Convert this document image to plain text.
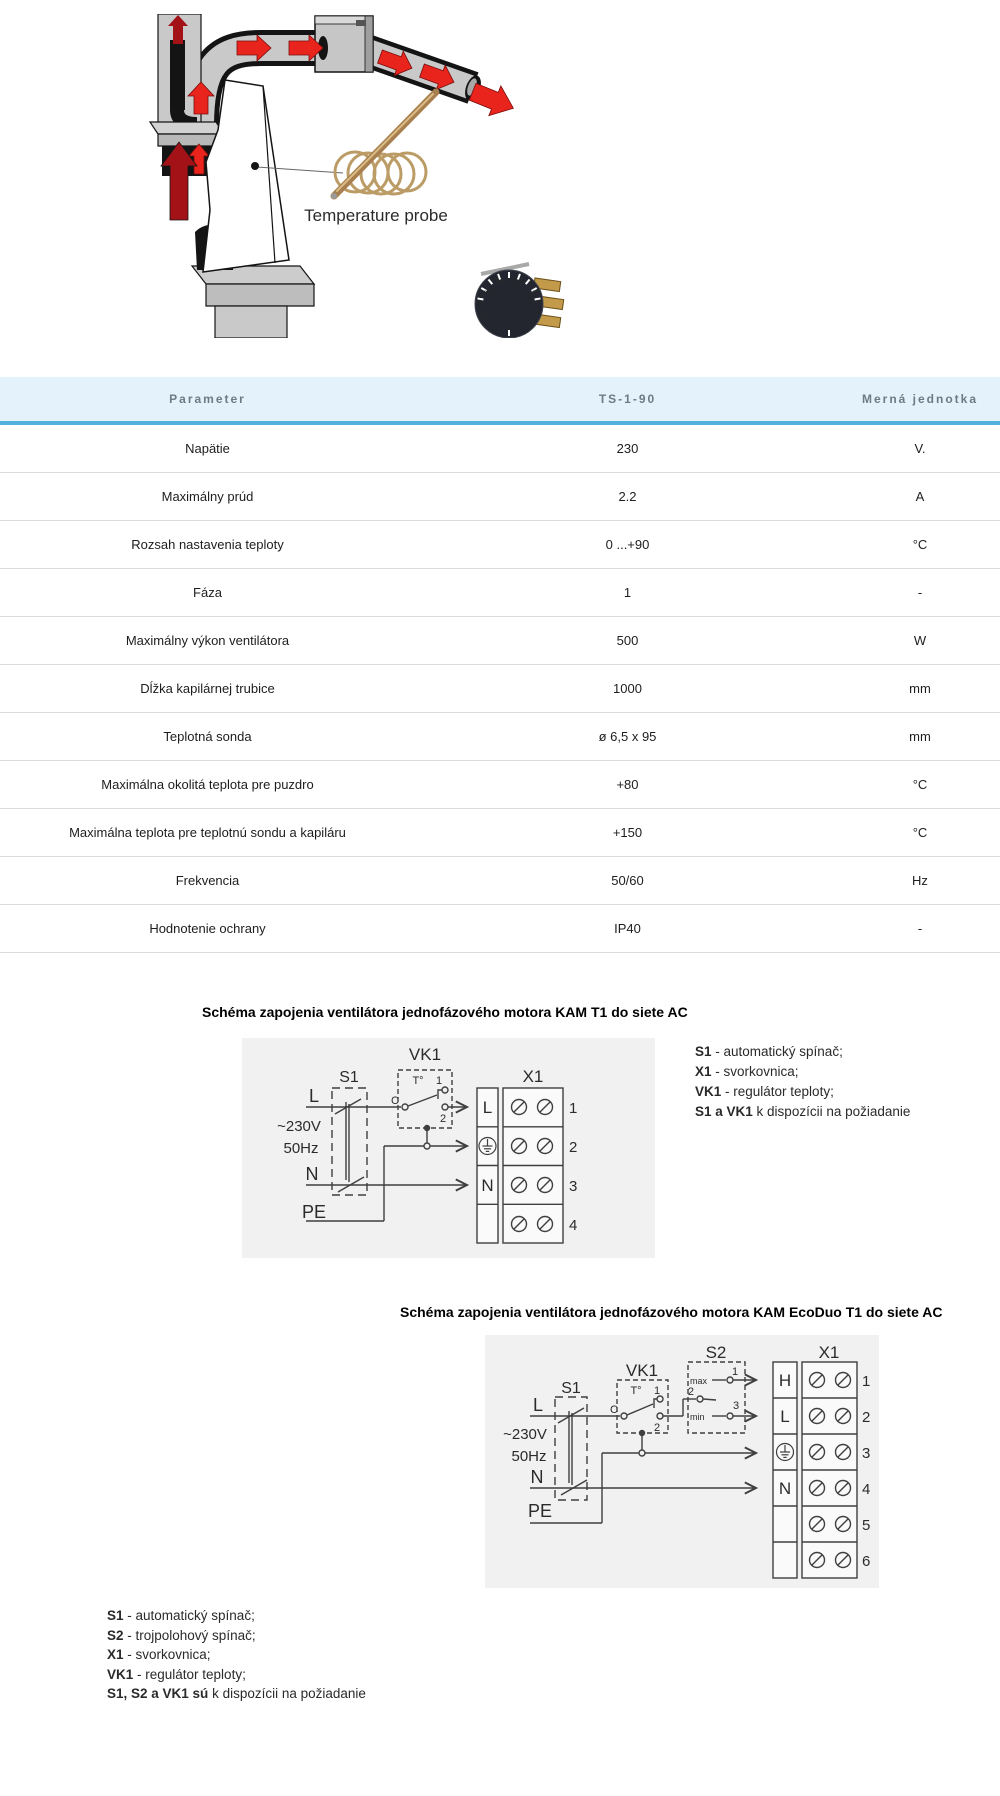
Temperature probe
10
30
50 70
90
Parameter	TS-1-90	Merná jednotka
Napätie	230	V.
Maximálny prúd	2.2	A
Rozsah nastavenia teploty	0 ...+90	°C
Fáza	1	-
Maximálny výkon ventilátora	500	W
Dĺžka kapilárnej trubice	1000	mm
Teplotná sonda	ø 6,5 x 95	mm
Maximálna okolitá teplota pre puzdro	+80	°C
Maximálna teplota pre teplotnú sondu a kapiláru	+150	°C
Frekvencia	50/60	Hz
Hodnotenie ochrany	IP40	-
Schéma zapojenia ventilátora jednofázového motora KAM T1 do siete AC
VK1
S1	X1
L
~230V
50Hz
N
PE
C
T° 1
2
L
N
1
2
3
4
S1 - automatický spínač;
X1 - svorkovnica;
VK1 - regulátor teploty;
S1 a VK1 k dispozícii na požiadanie
Schéma zapojenia ventilátora jednofázového motora KAM EcoDuo T1 do siete AC
S2	X1
VK1
S1
L
~230V
50Hz
N
PE
C
T° 1
2
max
min
1
2
3
H
L
N
1
2
3
4
5
6
S1 - automatický spínač;
S2 - trojpolohový spínač;
X1 - svorkovnica;
VK1 - regulátor teploty;
S1, S2 a VK1 sú k dispozícii na požiadanie
